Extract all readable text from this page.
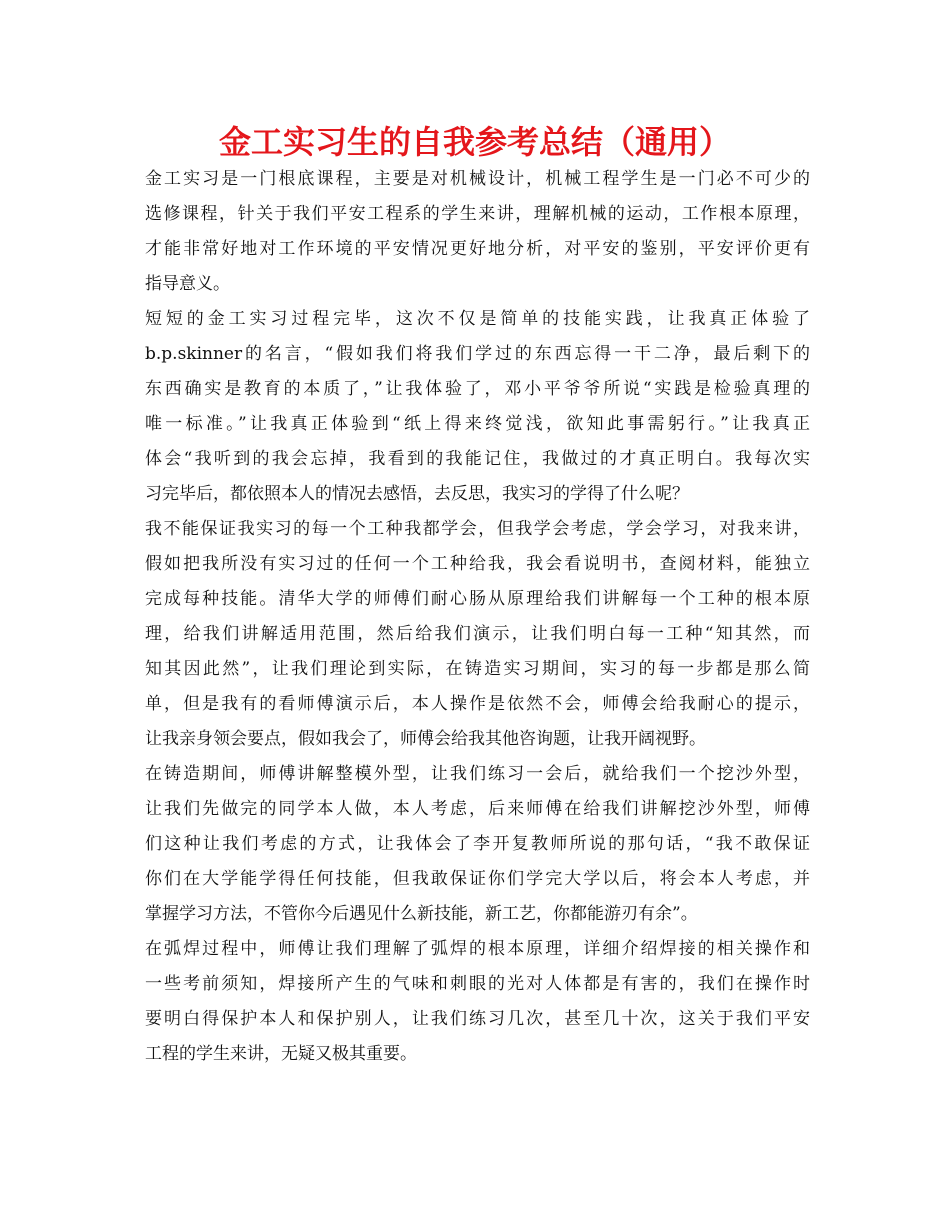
金工实习生的自我参考总结（通用）
金工实习是一门根底课程，主要是对机械设计，机械工程学生是一门必不可少的
选修课程，针关于我们平安工程系的学生来讲，理解机械的运动，工作根本原理，
才能非常好地对工作环境的平安情况更好地分析，对平安的鉴别，平安评价更有
指导意义。
短短的金工实习过程完毕，这次不仅是简单的技能实践，让我真正体验了
b.p.skinner的名言，“假如我们将我们学过的东西忘得一干二净，最后剩下的
东西确实是教育的本质了，”让我体验了，邓小平爷爷所说“实践是检验真理的
唯一标准。”让我真正体验到“纸上得来终觉浅，欲知此事需躬行。”让我真正
体会“我听到的我会忘掉，我看到的我能记住，我做过的才真正明白。我每次实
习完毕后，都依照本人的情况去感悟，去反思，我实习的学得了什么呢？
我不能保证我实习的每一个工种我都学会，但我学会考虑，学会学习，对我来讲，
假如把我所没有实习过的任何一个工种给我，我会看说明书，查阅材料，能独立
完成每种技能。清华大学的师傅们耐心肠从原理给我们讲解每一个工种的根本原
理，给我们讲解适用范围，然后给我们演示，让我们明白每一工种“知其然，而
知其因此然”，让我们理论到实际，在铸造实习期间，实习的每一步都是那么简
单，但是我有的看师傅演示后，本人操作是依然不会，师傅会给我耐心的提示，
让我亲身领会要点，假如我会了，师傅会给我其他咨询题，让我开阔视野。
在铸造期间，师傅讲解整模外型，让我们练习一会后，就给我们一个挖沙外型，
让我们先做完的同学本人做，本人考虑，后来师傅在给我们讲解挖沙外型，师傅
们这种让我们考虑的方式，让我体会了李开复教师所说的那句话，“我不敢保证
你们在大学能学得任何技能，但我敢保证你们学完大学以后，将会本人考虑，并
掌握学习方法，不管你今后遇见什么新技能，新工艺，你都能游刃有余”。
在弧焊过程中，师傅让我们理解了弧焊的根本原理，详细介绍焊接的相关操作和
一些考前须知，焊接所产生的气味和刺眼的光对人体都是有害的，我们在操作时
要明白得保护本人和保护别人，让我们练习几次，甚至几十次，这关于我们平安
工程的学生来讲，无疑又极其重要。
